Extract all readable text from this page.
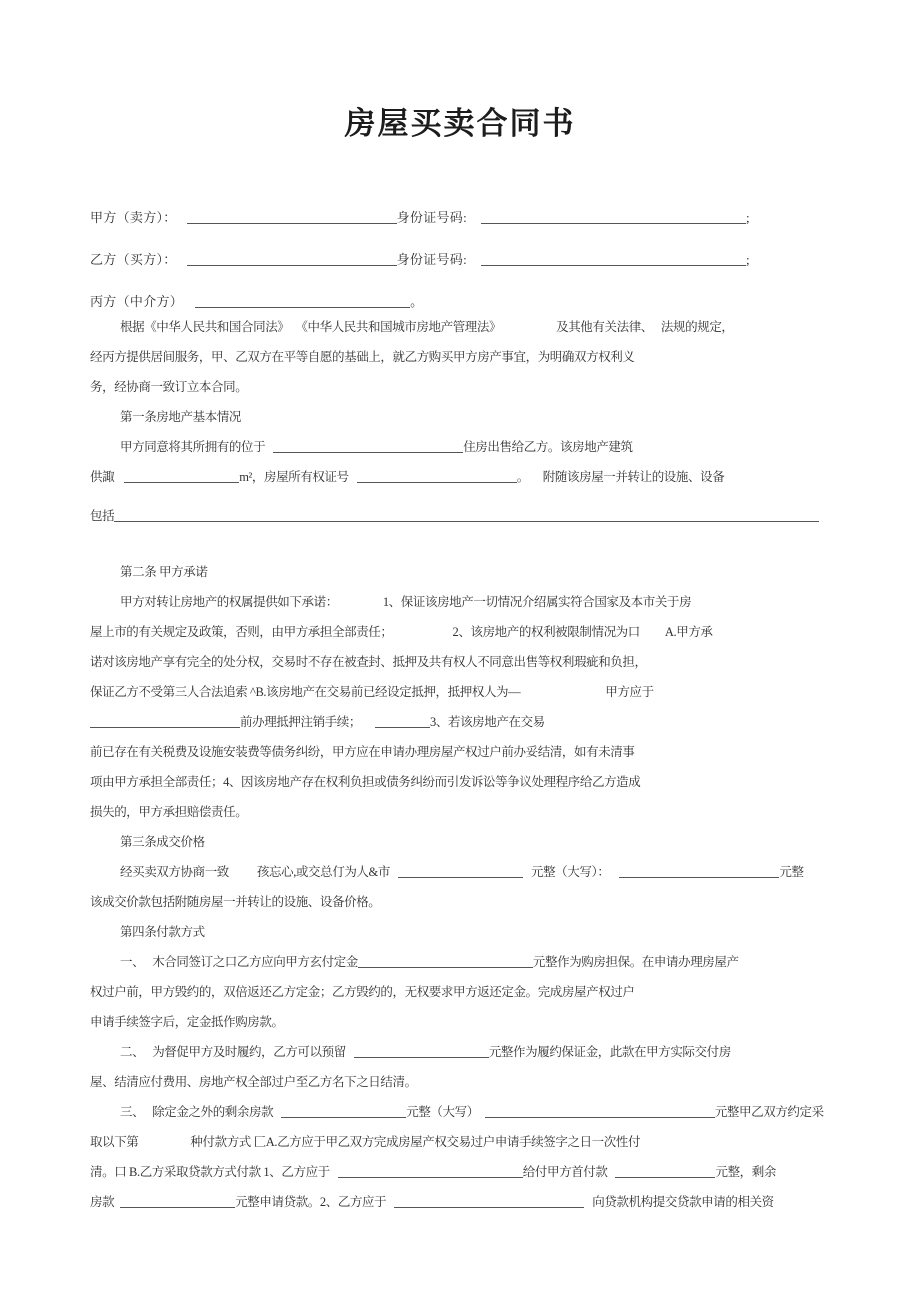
房屋买卖合同书
甲方（卖方）：	身份证号码:	;
乙方（买方）：	身份证号码:	;
丙方（中介方）	。
根据《中华人民共和国合同法》 《中华人民共和国城市房地产管理法》	及其他有关法律、 法规的规定，
经丙方提供居间服务，甲、乙双方在平等自愿的基础上，就乙方购买甲方房产事宜，为明确双方权利义
务，经协商一致订立本合同。
第一条房地产基本情况
甲方同意将其所拥有的位于	住房出售给乙方。该房地产建筑
供諏	m²，房屋所有权证号	。 附随该房屋一并转让的设施、设备
包括
第二条 甲方承诺
甲方对转让房地产的权属提供如下承诺：	1、保证该房地产一切情况介绍属实符合国家及本市关于房
屋上市的有关规定及政策，否则，由甲方承担全部责任；	2、该房地产的权利被限制情况为口 A.甲方承
诺对该房地产享有完全的处分权，交易时不存在被查封、抵押及共有权人不同意出售等权利瑕疵和负担，
保证乙方不受第三人合法追索 ^B.该房地产在交易前已经设定抵押，抵押权人为—	甲方应于
前办理抵押注销手续；	3、若该房地产在交易
前已存在有关税费及设施安装费等债务纠纷，甲方应在申请办理房屋产权过户前办妥结清，如有未清事
项由甲方承担全部责任；4、因该房地产存在权利负担或债务纠纷而引发诉讼等争议处理程序给乙方造成
损失的，甲方承担赔偿责任。
第三条成交价格
经买卖双方协商一致 孩忘心,或交总仃为人&市	元整（大写）：	元整
该成交价款包括附随房屋一并转让的设施、设备价格。
第四条付款方式
一、 木合同签订之口乙方应向甲方玄付定金	元整作为购房担保。在申请办理房屋产
权过户前，甲方毁约的，双倍返还乙方定金；乙方毁约的，无权要求甲方返还定金。完成房屋产权过户
申请手续签字后，定金抵作购房款。
二、 为督促甲方及时履约，乙方可以预留	元整作为履约保证金，此款在甲方实际交付房
屋、结清应付费用、房地产权全部过户至乙方名下之日结清。
三、 除定金之外的剩余房款	元整（大写）	元整甲乙双方约定采
取以下第	种付款方式 匚A.乙方应于甲乙双方完成房屋产权交易过户申请手续签字之日一次性付
清。口 B.乙方采取贷款方式付款 1、乙方应于	给付甲方首付款	元整，剩余
房款	元整申请贷款。2、乙方应于	向贷款机构提交贷款申请的相关资
